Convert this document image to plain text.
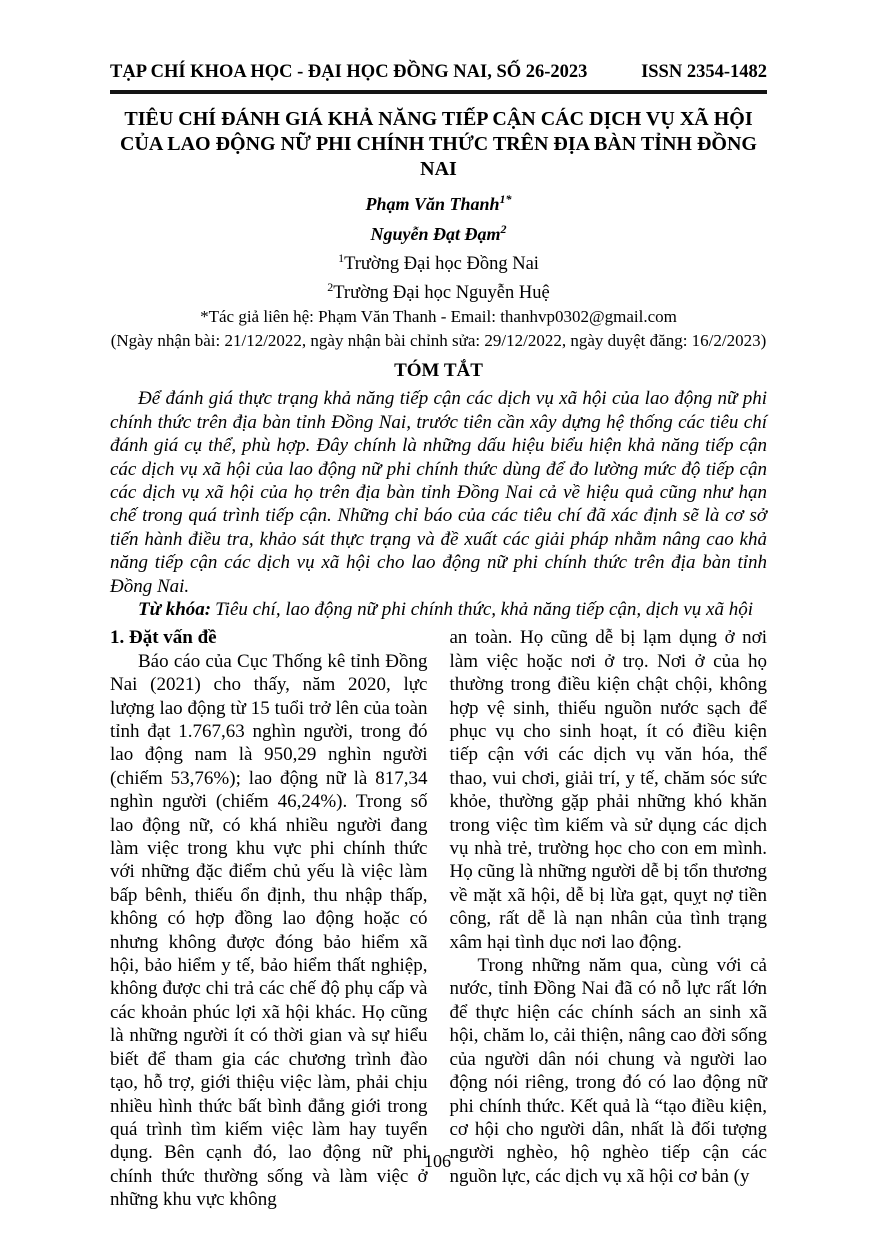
TẠP CHÍ KHOA HỌC - ĐẠI HỌC ĐỒNG NAI, SỐ 26-2023	ISSN 2354-1482
TIÊU CHÍ ĐÁNH GIÁ KHẢ NĂNG TIẾP CẬN CÁC DỊCH VỤ XÃ HỘI CỦA LAO ĐỘNG NỮ PHI CHÍNH THỨC TRÊN ĐỊA BÀN TỈNH ĐỒNG NAI
Phạm Văn Thanh$^{1*}$
Nguyễn Đạt Đạm$^2$
$^1$Trường Đại học Đồng Nai
$^2$Trường Đại học Nguyễn Huệ
*Tác giả liên hệ: Phạm Văn Thanh - Email: thanhvp0302@gmail.com
(Ngày nhận bài: 21/12/2022, ngày nhận bài chỉnh sửa: 29/12/2022, ngày duyệt đăng: 16/2/2023)
TÓM TẮT

Để đánh giá thực trạng khả năng tiếp cận các dịch vụ xã hội của lao động nữ phi chính thức trên địa bàn tỉnh Đồng Nai, trước tiên cần xây dựng hệ thống các tiêu chí đánh giá cụ thể, phù hợp. Đây chính là những dấu hiệu biểu hiện khả năng tiếp cận các dịch vụ xã hội của lao động nữ phi chính thức dùng để đo lường mức độ tiếp cận các dịch vụ xã hội của họ trên địa bàn tỉnh Đồng Nai cả về hiệu quả cũng như hạn chế trong quá trình tiếp cận. Những chỉ báo của các tiêu chí đã xác định sẽ là cơ sở tiến hành điều tra, khảo sát thực trạng và đề xuất các giải pháp nhằm nâng cao khả năng tiếp cận các dịch vụ xã hội cho lao động nữ phi chính thức trên địa bàn tỉnh Đồng Nai.

Từ khóa: Tiêu chí, lao động nữ phi chính thức, khả năng tiếp cận, dịch vụ xã hội

1. Đặt vấn đề

Báo cáo của Cục Thống kê tỉnh Đồng Nai (2021) cho thấy, năm 2020, lực lượng lao động từ 15 tuổi trở lên của toàn tỉnh đạt 1.767,63 nghìn người, trong đó lao động nam là 950,29 nghìn người (chiếm 53,76%); lao động nữ là 817,34 nghìn người (chiếm 46,24%). Trong số lao động nữ, có khá nhiều người đang làm việc trong khu vực phi chính thức với những đặc điểm chủ yếu là việc làm bấp bênh, thiếu ổn định, thu nhập thấp, không có hợp đồng lao động hoặc có nhưng không được đóng bảo hiểm xã hội, bảo hiểm y tế, bảo hiểm thất nghiệp, không được chi trả các chế độ phụ cấp và các khoản phúc lợi xã hội khác. Họ cũng là những người ít có thời gian và sự hiểu biết để tham gia các chương trình đào tạo, hỗ trợ, giới thiệu việc làm, phải chịu nhiều hình thức bất bình đẳng giới trong quá trình tìm kiếm việc làm hay tuyển dụng. Bên cạnh đó, lao động nữ phi chính thức thường sống và làm việc ở những khu vực không

an toàn. Họ cũng dễ bị lạm dụng ở nơi làm việc hoặc nơi ở trọ. Nơi ở của họ thường trong điều kiện chật chội, không hợp vệ sinh, thiếu nguồn nước sạch để phục vụ cho sinh hoạt, ít có điều kiện tiếp cận với các dịch vụ văn hóa, thể thao, vui chơi, giải trí, y tế, chăm sóc sức khỏe, thường gặp phải những khó khăn trong việc tìm kiếm và sử dụng các dịch vụ nhà trẻ, trường học cho con em mình. Họ cũng là những người dễ bị tổn thương về mặt xã hội, dễ bị lừa gạt, quỵt nợ tiền công, rất dễ là nạn nhân của tình trạng xâm hại tình dục nơi lao động.

Trong những năm qua, cùng với cả nước, tỉnh Đồng Nai đã có nỗ lực rất lớn để thực hiện các chính sách an sinh xã hội, chăm lo, cải thiện, nâng cao đời sống của người dân nói chung và người lao động nói riêng, trong đó có lao động nữ phi chính thức. Kết quả là “tạo điều kiện, cơ hội cho người dân, nhất là đối tượng người nghèo, hộ nghèo tiếp cận các nguồn lực, các dịch vụ xã hội cơ bản (y

106
